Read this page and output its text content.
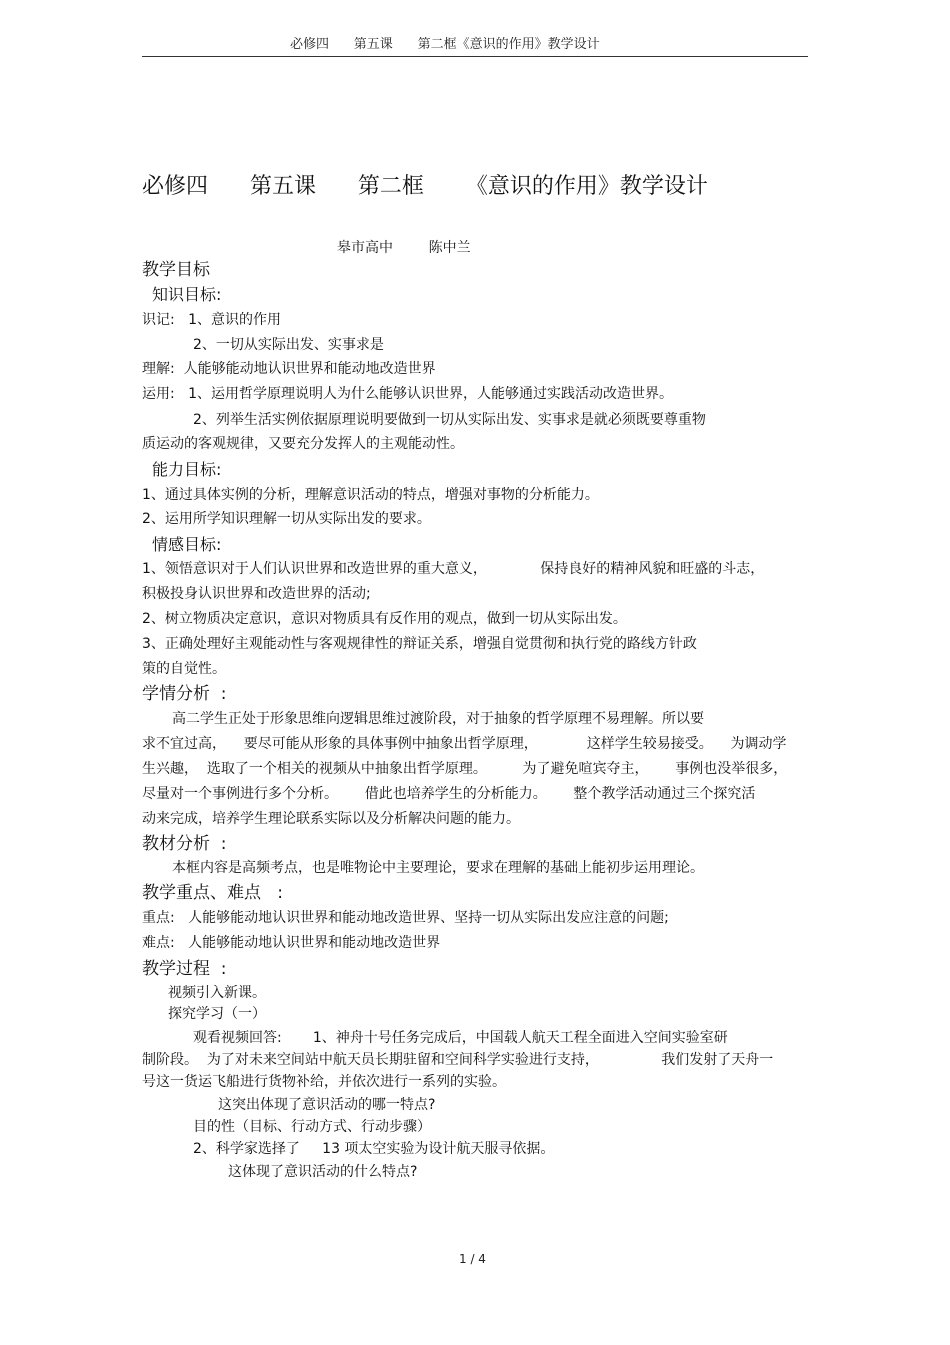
必修四      第五课      第二框《意识的作用》教学设计
必修四      第五课      第二框      《意识的作用》教学设计
皋市高中        陈中兰
教学目标
知识目标:
识记:   1、意识的作用
2、一切从实际出发、实事求是
理解:  人能够能动地认识世界和能动地改造世界
运用:   1、运用哲学原理说明人为什么能够认识世界，人能够通过实践活动改造世界。
2、列举生活实例依据原理说明要做到一切从实际出发、实事求是就必须既要尊重物
质运动的客观规律，又要充分发挥人的主观能动性。
能力目标:
1、通过具体实例的分析，理解意识活动的特点，增强对事物的分析能力。
2、运用所学知识理解一切从实际出发的要求。
情感目标:
1、领悟意识对于人们认识世界和改造世界的重大意义，            保持良好的精神风貌和旺盛的斗志，
积极投身认识世界和改造世界的活动;
2、树立物质决定意识，意识对物质具有反作用的观点，做到一切从实际出发。
3、正确处理好主观能动性与客观规律性的辩证关系，增强自觉贯彻和执行党的路线方针政
策的自觉性。
学情分析  :
高二学生正处于形象思维向逻辑思维过渡阶段，对于抽象的哲学原理不易理解。所以要
求不宜过高，    要尽可能从形象的具体事例中抽象出哲学原理，           这样学生较易接受。    为调动学
生兴趣，  选取了一个相关的视频从中抽象出哲学原理。        为了避免喧宾夺主，      事例也没举很多，
尽量对一个事例进行多个分析。      借此也培养学生的分析能力。      整个教学活动通过三个探究活
动来完成，培养学生理论联系实际以及分析解决问题的能力。
教材分析  :
本框内容是高频考点，也是唯物论中主要理论，要求在理解的基础上能初步运用理论。
教学重点、难点   :
重点:   人能够能动地认识世界和能动地改造世界、坚持一切从实际出发应注意的问题;
难点:   人能够能动地认识世界和能动地改造世界
教学过程  :
视频引入新课。
探究学习（一）
观看视频回答:       1、神舟十号任务完成后，中国载人航天工程全面进入空间实验室研
制阶段。  为了对未来空间站中航天员长期驻留和空间科学实验进行支持，              我们发射了天舟一
号这一货运飞船进行货物补给，并依次进行一系列的实验。
这突出体现了意识活动的哪一特点?
目的性（目标、行动方式、行动步骤）
2、科学家选择了     13 项太空实验为设计航天服寻依据。
这体现了意识活动的什么特点?
1 / 4
